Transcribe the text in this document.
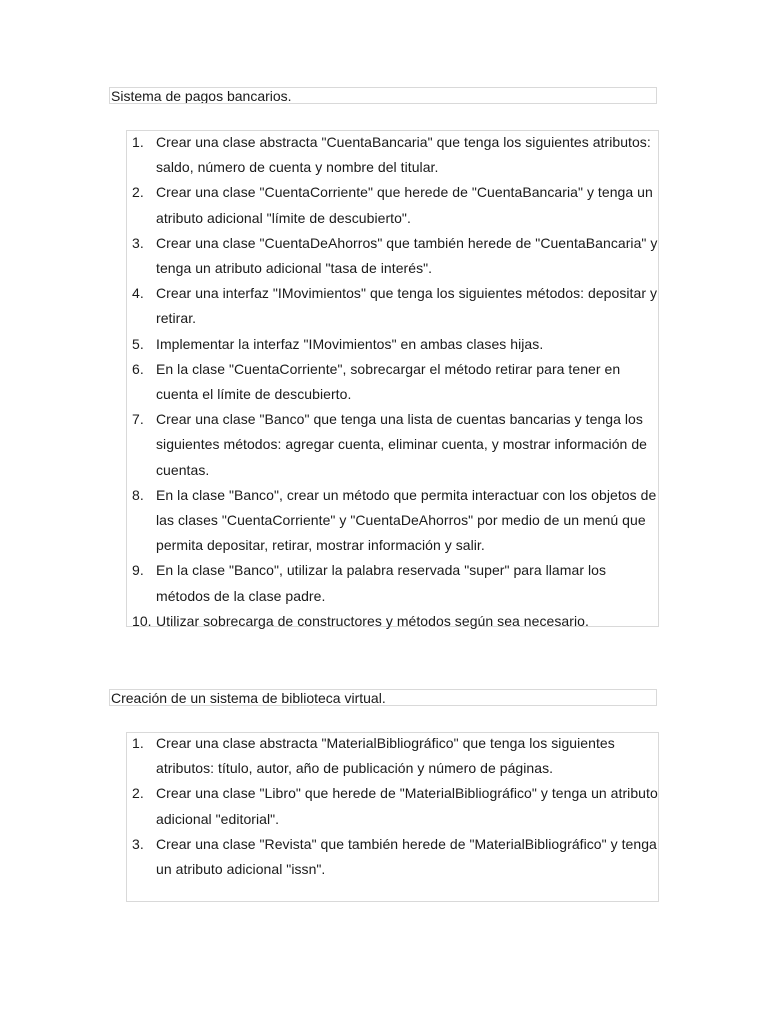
Sistema de pagos bancarios.
1. Crear una clase abstracta "CuentaBancaria" que tenga los siguientes atributos: saldo, número de cuenta y nombre del titular.
2. Crear una clase "CuentaCorriente" que herede de "CuentaBancaria" y tenga un atributo adicional "límite de descubierto".
3. Crear una clase "CuentaDeAhorros" que también herede de "CuentaBancaria" y tenga un atributo adicional "tasa de interés".
4. Crear una interfaz "IMovimientos" que tenga los siguientes métodos: depositar y retirar.
5. Implementar la interfaz "IMovimientos" en ambas clases hijas.
6. En la clase "CuentaCorriente", sobrecargar el método retirar para tener en cuenta el límite de descubierto.
7. Crear una clase "Banco" que tenga una lista de cuentas bancarias y tenga los siguientes métodos: agregar cuenta, eliminar cuenta, y mostrar información de cuentas.
8. En la clase "Banco", crear un método que permita interactuar con los objetos de las clases "CuentaCorriente" y "CuentaDeAhorros" por medio de un menú que permita depositar, retirar, mostrar información y salir.
9. En la clase "Banco", utilizar la palabra reservada "super" para llamar los métodos de la clase padre.
10. Utilizar sobrecarga de constructores y métodos según sea necesario.
Creación de un sistema de biblioteca virtual.
1. Crear una clase abstracta "MaterialBibliográfico" que tenga los siguientes atributos: título, autor, año de publicación y número de páginas.
2. Crear una clase "Libro" que herede de "MaterialBibliográfico" y tenga un atributo adicional "editorial".
3. Crear una clase "Revista" que también herede de "MaterialBibliográfico" y tenga un atributo adicional "issn".
